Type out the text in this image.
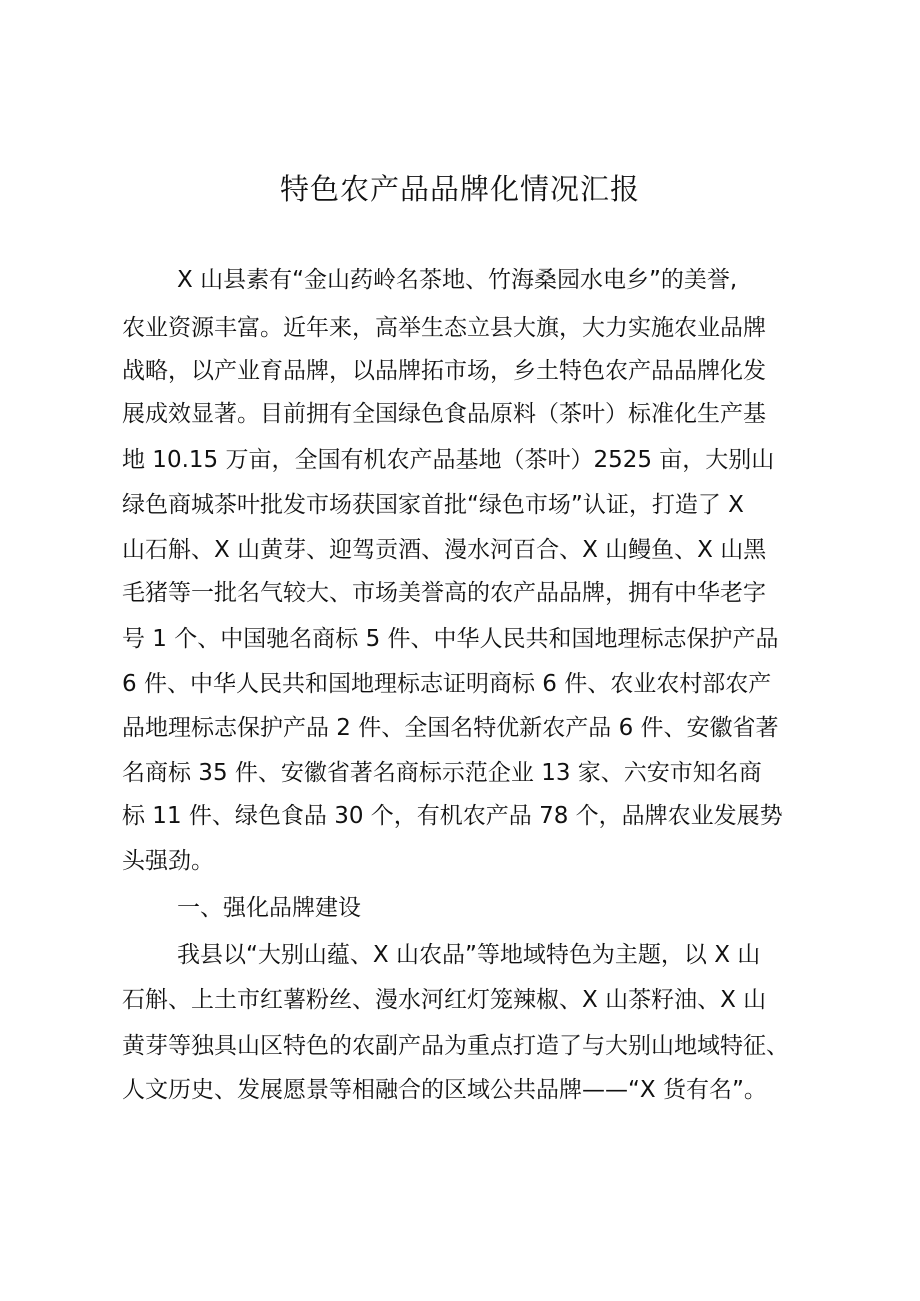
特色农产品品牌化情况汇报
X 山县素有“金山药岭名茶地、竹海桑园水电乡”的美誉,
农业资源丰富。近年来，高举生态立县大旗，大力实施农业品牌
战略，以产业育品牌，以品牌拓市场，乡土特色农产品品牌化发
展成效显著。目前拥有全国绿色食品原料（茶叶）标准化生产基
地 10.15 万亩，全国有机农产品基地（茶叶）2525 亩，大别山
绿色商城茶叶批发市场获国家首批“绿色市场”认证，打造了 X
山石斛、X 山黄芽、迎驾贡酒、漫水河百合、X 山鳗鱼、X 山黑
毛猪等一批名气较大、市场美誉高的农产品品牌，拥有中华老字
号 1 个、中国驰名商标 5 件、中华人民共和国地理标志保护产品
6 件、中华人民共和国地理标志证明商标 6 件、农业农村部农产
品地理标志保护产品 2 件、全国名特优新农产品 6 件、安徽省著
名商标 35 件、安徽省著名商标示范企业 13 家、六安市知名商
标 11 件、绿色食品 30 个，有机农产品 78 个，品牌农业发展势
头强劲。
一、强化品牌建设
我县以“大别山蕴、X 山农品”等地域特色为主题，以 X 山
石斛、上土市红薯粉丝、漫水河红灯笼辣椒、X 山茶籽油、X 山
黄芽等独具山区特色的农副产品为重点打造了与大别山地域特征、
人文历史、发展愿景等相融合的区域公共品牌——“X 货有名”。
